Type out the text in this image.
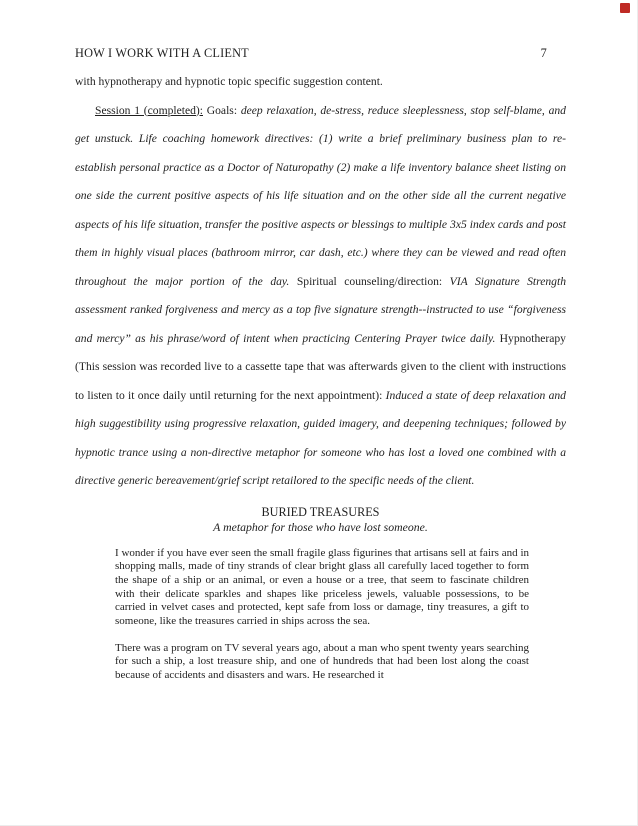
HOW I WORK WITH A CLIENT	7

with hypnotherapy and hypnotic topic specific suggestion content.

Session 1 (completed): Goals: deep relaxation, de-stress, reduce sleeplessness, stop self-blame, and get unstuck. Life coaching homework directives: (1) write a brief preliminary business plan to re-establish personal practice as a Doctor of Naturopathy (2) make a life inventory balance sheet listing on one side the current positive aspects of his life situation and on the other side all the current negative aspects of his life situation, transfer the positive aspects or blessings to multiple 3x5 index cards and post them in highly visual places (bathroom mirror, car dash, etc.) where they can be viewed and read often throughout the major portion of the day. Spiritual counseling/direction: VIA Signature Strength assessment ranked forgiveness and mercy as a top five signature strength--instructed to use “forgiveness and mercy” as his phrase/word of intent when practicing Centering Prayer twice daily. Hypnotherapy (This session was recorded live to a cassette tape that was afterwards given to the client with instructions to listen to it once daily until returning for the next appointment): Induced a state of deep relaxation and high suggestibility using progressive relaxation, guided imagery, and deepening techniques; followed by hypnotic trance using a non-directive metaphor for someone who has lost a loved one combined with a directive generic bereavement/grief script retailored to the specific needs of the client.

BURIED TREASURES

A metaphor for those who have lost someone.

I wonder if you have ever seen the small fragile glass figurines that artisans sell at fairs and in shopping malls, made of tiny strands of clear bright glass all carefully laced together to form the shape of a ship or an animal, or even a house or a tree, that seem to fascinate children with their delicate sparkles and shapes like priceless jewels, valuable possessions, to be carried in velvet cases and protected, kept safe from loss or damage, tiny treasures, a gift to someone, like the treasures carried in ships across the sea.

There was a program on TV several years ago, about a man who spent twenty years searching for such a ship, a lost treasure ship, and one of hundreds that had been lost along the coast because of accidents and disasters and wars. He researched it
